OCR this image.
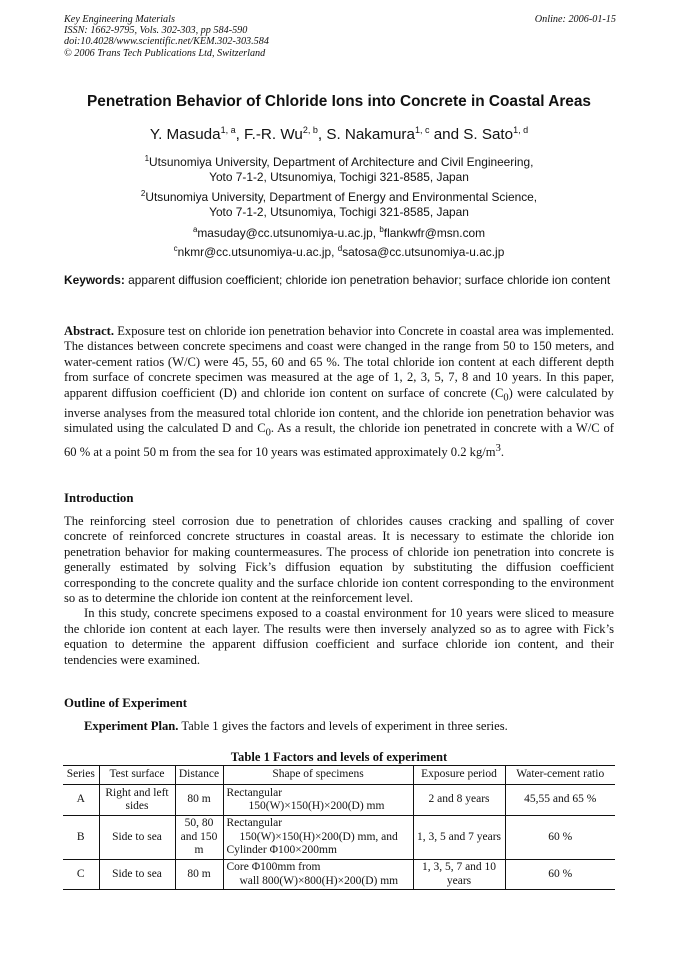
Key Engineering Materials
ISSN: 1662-9795, Vols. 302-303, pp 584-590
doi:10.4028/www.scientific.net/KEM.302-303.584
© 2006 Trans Tech Publications Ltd, Switzerland
Online: 2006-01-15
Penetration Behavior of Chloride Ions into Concrete in Coastal Areas
Y. Masuda$^{1, a}$, F.-R. Wu$^{2, b}$, S. Nakamura$^{1, c}$ and S. Sato$^{1, d}$
$^1$Utsunomiya University, Department of Architecture and Civil Engineering,
Yoto 7-1-2, Utsunomiya, Tochigi 321-8585, Japan
$^2$Utsunomiya University, Department of Energy and Environmental Science,
Yoto 7-1-2, Utsunomiya, Tochigi 321-8585, Japan
$^a$masuday@cc.utsunomiya-u.ac.jp, $^b$flankwfr@msn.com
$^c$nkmr@cc.utsunomiya-u.ac.jp, $^d$satosa@cc.utsunomiya-u.ac.jp
Keywords: apparent diffusion coefficient; chloride ion penetration behavior; surface chloride ion content
Abstract. Exposure test on chloride ion penetration behavior into Concrete in coastal area was implemented. The distances between concrete specimens and coast were changed in the range from 50 to 150 meters, and water-cement ratios (W/C) were 45, 55, 60 and 65 %. The total chloride ion content at each different depth from surface of concrete specimen was measured at the age of 1, 2, 3, 5, 7, 8 and 10 years. In this paper, apparent diffusion coefficient (D) and chloride ion content on surface of concrete $(C_0)$ were calculated by inverse analyses from the measured total chloride ion content, and the chloride ion penetration behavior was simulated using the calculated D and $C_0$. As a result, the chloride ion penetrated in concrete with a W/C of 60 % at a point 50 m from the sea for 10 years was estimated approximately 0.2 $kg/m^3$.
Introduction
The reinforcing steel corrosion due to penetration of chlorides causes cracking and spalling of cover concrete of reinforced concrete structures in coastal areas. It is necessary to estimate the chloride ion penetration behavior for making countermeasures. The process of chloride ion penetration into concrete is generally estimated by solving Fick’s diffusion equation by substituting the diffusion coefficient corresponding to the concrete quality and the surface chloride ion content corresponding to the environment so as to determine the chloride ion content at the reinforcement level.
In this study, concrete specimens exposed to a coastal environment for 10 years were sliced to measure the chloride ion content at each layer. The results were then inversely analyzed so as to agree with Fick’s equation to determine the apparent diffusion coefficient and surface chloride ion content, and their tendencies were examined.
Outline of Experiment
Experiment Plan. Table 1 gives the factors and levels of experiment in three series.
Table 1 Factors and levels of experiment
Series	Test surface	Distance	Shape of specimens	Exposure period	Water-cement ratio
A	Right and left sides	80 m	Rectangular
150(W)×150(H)×200(D) mm	2 and 8 years	45,55 and 65 %
B	Side to sea	50, 80 and 150 m	Rectangular
150(W)×150(H)×200(D) mm, and
Cylinder Φ100×200mm	1, 3, 5 and 7 years	60 %
C	Side to sea	80 m	Core Φ100mm from
wall 800(W)×800(H)×200(D) mm	1, 3, 5, 7 and 10 years	60 %
